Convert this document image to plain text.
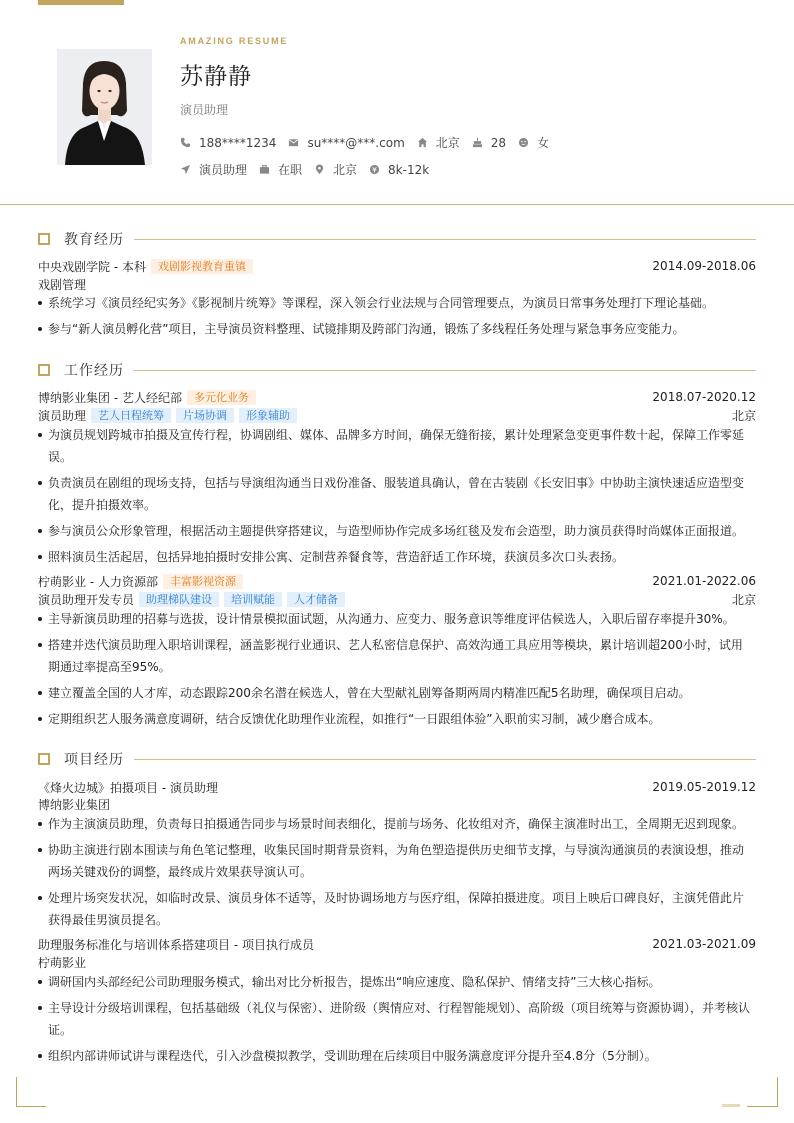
AMAZING RESUME
苏静静
演员助理
188****1234	su****@***.com	北京	28	女
演员助理	在职	北京	8k-12k
教育经历
中央戏剧学院 - 本科	戏剧影视教育重镇	2014.09-2018.06
戏剧管理
系统学习《演员经纪实务》《影视制片统筹》等课程，深入领会行业法规与合同管理要点，为演员日常事务处理打下理论基础。
参与“新人演员孵化营”项目，主导演员资料整理、试镜排期及跨部门沟通，锻炼了多线程任务处理与紧急事务应变能力。
工作经历
博纳影业集团 - 艺人经纪部	多元化业务	2018.07-2020.12
演员助理	艺人日程统筹	片场协调	形象辅助	北京
为演员规划跨城市拍摄及宣传行程，协调剧组、媒体、品牌多方时间，确保无缝衔接，累计处理紧急变更事件数十起，保障工作零延误。
负责演员在剧组的现场支持，包括与导演组沟通当日戏份准备、服装道具确认，曾在古装剧《长安旧事》中协助主演快速适应造型变化，提升拍摄效率。
参与演员公众形象管理，根据活动主题提供穿搭建议，与造型师协作完成多场红毯及发布会造型，助力演员获得时尚媒体正面报道。
照料演员生活起居，包括异地拍摄时安排公寓、定制营养餐食等，营造舒适工作环境，获演员多次口头表扬。
柠萌影业 - 人力资源部	丰富影视资源	2021.01-2022.06
演员助理开发专员	助理梯队建设	培训赋能	人才储备	北京
主导新演员助理的招募与选拔，设计情景模拟面试题，从沟通力、应变力、服务意识等维度评估候选人，入职后留存率提升30%。
搭建并迭代演员助理入职培训课程，涵盖影视行业通识、艺人私密信息保护、高效沟通工具应用等模块，累计培训超200小时，试用期通过率提高至95%。
建立覆盖全国的人才库，动态跟踪200余名潜在候选人，曾在大型献礼剧筹备期两周内精准匹配5名助理，确保项目启动。
定期组织艺人服务满意度调研，结合反馈优化助理作业流程，如推行“一日跟组体验”入职前实习制，减少磨合成本。
项目经历
《烽火边城》拍摄项目 - 演员助理	2019.05-2019.12
博纳影业集团
作为主演演员助理，负责每日拍摄通告同步与场景时间表细化，提前与场务、化妆组对齐，确保主演准时出工，全周期无迟到现象。
协助主演进行剧本围读与角色笔记整理，收集民国时期背景资料，为角色塑造提供历史细节支撑，与导演沟通演员的表演设想，推动两场关键戏份的调整，最终成片效果获导演认可。
处理片场突发状况，如临时改景、演员身体不适等，及时协调场地方与医疗组，保障拍摄进度。项目上映后口碑良好，主演凭借此片获得最佳男演员提名。
助理服务标准化与培训体系搭建项目 - 项目执行成员	2021.03-2021.09
柠萌影业
调研国内头部经纪公司助理服务模式，输出对比分析报告，提炼出“响应速度、隐私保护、情绪支持”三大核心指标。
主导设计分级培训课程，包括基础级（礼仪与保密）、进阶级（舆情应对、行程智能规划）、高阶级（项目统筹与资源协调），并考核认证。
组织内部讲师试讲与课程迭代，引入沙盘模拟教学，受训助理在后续项目中服务满意度评分提升至4.8分（5分制）。
